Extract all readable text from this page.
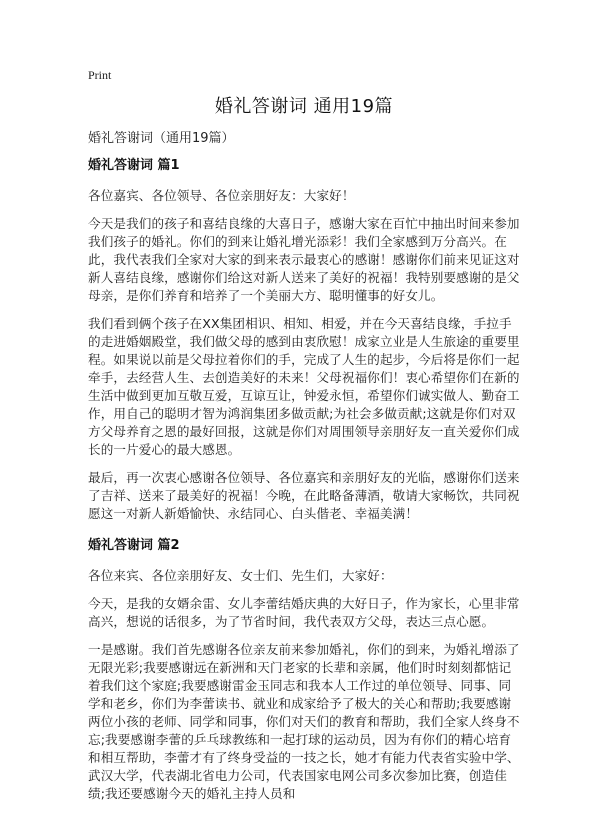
Print
婚礼答谢词 通用19篇
婚礼答谢词（通用19篇）
婚礼答谢词 篇1

各位嘉宾、各位领导、各位亲朋好友：大家好！

今天是我们的孩子和喜结良缘的大喜日子，感谢大家在百忙中抽出时间来参加我们孩子的婚礼。你们的到来让婚礼增光添彩！我们全家感到万分高兴。在此，我代表我们全家对大家的到来表示最衷心的感谢！感谢你们前来见证这对新人喜结良缘，感谢你们给这对新人送来了美好的祝福！我特别要感谢的是父母亲，是你们养育和培养了一个美丽大方、聪明懂事的好女儿。

我们看到俩个孩子在XX集团相识、相知、相爱，并在今天喜结良缘，手拉手的走进婚姻殿堂，我们做父母的感到由衷欣慰！成家立业是人生旅途的重要里程。如果说以前是父母拉着你们的手，完成了人生的起步，今后将是你们一起牵手，去经营人生、去创造美好的未来！父母祝福你们！衷心希望你们在新的生活中做到更加互敬互爱，互谅互让，钟爱永恒，希望你们诚实做人、勤奋工作，用自己的聪明才智为鸿润集团多做贡献;为社会多做贡献;这就是你们对双方父母养育之恩的最好回报，这就是你们对周围领导亲朋好友一直关爱你们成长的一片爱心的最大感恩。

最后，再一次衷心感谢各位领导、各位嘉宾和亲朋好友的光临，感谢你们送来了吉祥、送来了最美好的祝福！今晚，在此略备薄酒，敬请大家畅饮，共同祝愿这一对新人新婚愉快、永结同心、白头偕老、幸福美满！

婚礼答谢词 篇2

各位来宾、各位亲朋好友、女士们、先生们，大家好：

今天，是我的女婿余雷、女儿李蕾结婚庆典的大好日子，作为家长，心里非常高兴，想说的话很多，为了节省时间，我代表双方父母，表达三点心愿。

一是感谢。我们首先感谢各位亲友前来参加婚礼，你们的到来，为婚礼增添了无限光彩;我要感谢远在新洲和天门老家的长辈和亲属，他们时时刻刻都惦记着我们这个家庭;我要感谢雷金玉同志和我本人工作过的单位领导、同事、同学和老乡，你们为李蕾读书、就业和成家给予了极大的关心和帮助;我要感谢两位小孩的老师、同学和同事，你们对天们的教育和帮助，我们全家人终身不忘;我要感谢李蕾的乒乓球教练和一起打球的运动员，因为有你们的精心培育和相互帮助，李蕾才有了终身受益的一技之长，她才有能力代表省实验中学、武汉大学，代表湖北省电力公司，代表国家电网公司多次参加比赛，创造佳绩;我还要感谢今天的婚礼主持人员和
